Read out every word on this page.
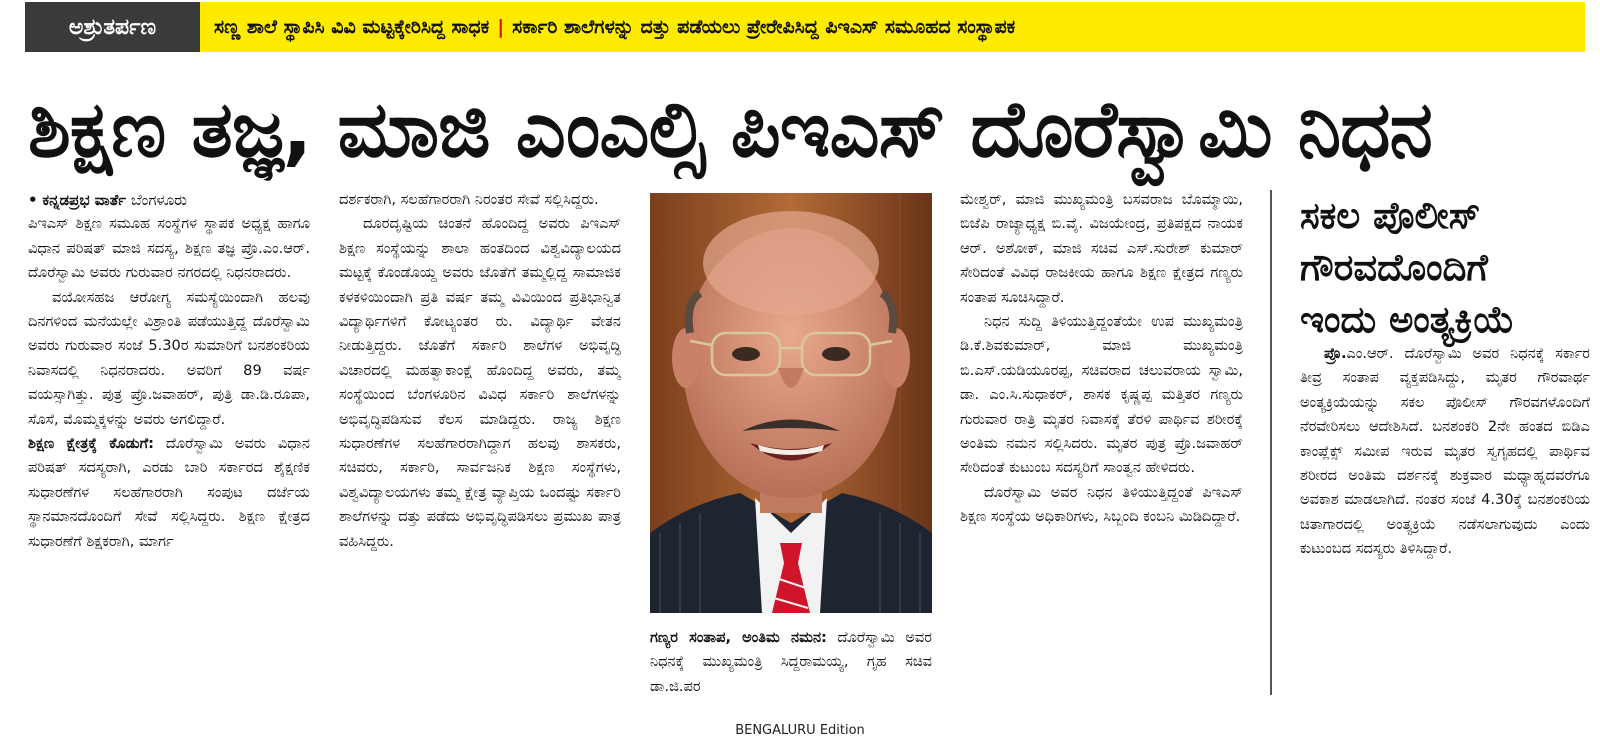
ಅಶ್ರುತರ್ಪಣ	ಸಣ್ಣ ಶಾಲೆ ಸ್ಥಾಪಿಸಿ ವಿವಿ ಮಟ್ಟಕ್ಕೇರಿಸಿದ್ದ ಸಾಧಕ | ಸರ್ಕಾರಿ ಶಾಲೆಗಳನ್ನು ದತ್ತು ಪಡೆಯಲು ಪ್ರೇರೇಪಿಸಿದ್ದ ಪಿಇಎಸ್ ಸಮೂಹದ ಸಂಸ್ಥಾಪಕ
ಶಿಕ್ಷಣ ತಜ್ಞ, ಮಾಜಿ ಎಂಎಲ್ಸಿ ಪಿಇಎಸ್ ದೊರೆಸ್ವಾಮಿ ನಿಧನ

• ಕನ್ನಡಪ್ರಭ ವಾರ್ತೆ ಬೆಂಗಳೂರು

ಪಿಇಎಸ್ ಶಿಕ್ಷಣ ಸಮೂಹ ಸಂಸ್ಥೆಗಳ ಸ್ಥಾಪಕ ಅಧ್ಯಕ್ಷ ಹಾಗೂ ವಿಧಾನ ಪರಿಷತ್ ಮಾಜಿ ಸದಸ್ಯ, ಶಿಕ್ಷಣ ತಜ್ಞ ಪ್ರೊ.ಎಂ.ಆರ್. ದೊರೆಸ್ವಾಮಿ ಅವರು ಗುರುವಾರ ನಗರದಲ್ಲಿ ನಿಧನರಾದರು.

ವಯೋಸಹಜ ಆರೋಗ್ಯ ಸಮಸ್ಯೆಯಿಂದಾಗಿ ಹಲವು ದಿನಗಳಿಂದ ಮನೆಯಲ್ಲೇ ವಿಶ್ರಾಂತಿ ಪಡೆಯುತ್ತಿದ್ದ ದೊರೆಸ್ವಾಮಿ ಅವರು ಗುರುವಾರ ಸಂಜೆ 5.30ರ ಸುಮಾರಿಗೆ ಬನಶಂಕರಿಯ ನಿವಾಸದಲ್ಲಿ ನಿಧನರಾದರು. ಅವರಿಗೆ 89 ವರ್ಷ ವಯಸ್ಸಾಗಿತ್ತು. ಪುತ್ರ ಪ್ರೊ.ಜವಾಹರ್, ಪುತ್ರಿ ಡಾ.ಡಿ.ರೂಪಾ, ಸೊಸೆ, ಮೊಮ್ಮಕ್ಕಳನ್ನು ಅವರು ಅಗಲಿದ್ದಾರೆ.

ಶಿಕ್ಷಣ ಕ್ಷೇತ್ರಕ್ಕೆ ಕೊಡುಗೆ: ದೊರೆಸ್ವಾಮಿ ಅವರು ವಿಧಾನ ಪರಿಷತ್ ಸದಸ್ಯರಾಗಿ, ಎರಡು ಬಾರಿ ಸರ್ಕಾರದ ಶೈಕ್ಷಣಿಕ ಸುಧಾರಣೆಗಳ ಸಲಹೆಗಾರರಾಗಿ ಸಂಪುಟ ದರ್ಜೆಯ ಸ್ಥಾನಮಾನದೊಂದಿಗೆ ಸೇವೆ ಸಲ್ಲಿಸಿದ್ದರು. ಶಿಕ್ಷಣ ಕ್ಷೇತ್ರದ ಸುಧಾರಣೆಗೆ ಶಿಕ್ಷಕರಾಗಿ, ಮಾರ್ಗ

ದರ್ಶಕರಾಗಿ, ಸಲಹೆಗಾರರಾಗಿ ನಿರಂತರ ಸೇವೆ ಸಲ್ಲಿಸಿದ್ದರು.

ದೂರದೃಷ್ಟಿಯ ಚಿಂತನೆ ಹೊಂದಿದ್ದ ಅವರು ಪಿಇಎಸ್ ಶಿಕ್ಷಣ ಸಂಸ್ಥೆಯನ್ನು ಶಾಲಾ ಹಂತದಿಂದ ವಿಶ್ವವಿದ್ಯಾಲಯದ ಮಟ್ಟಕ್ಕೆ ಕೊಂಡೊಯ್ದ ಅವರು ಜೊತೆಗೆ ತಮ್ಮಲ್ಲಿದ್ದ ಸಾಮಾಜಿಕ ಕಳಕಳಿಯಿಂದಾಗಿ ಪ್ರತಿ ವರ್ಷ ತಮ್ಮ ವಿವಿಯಿಂದ ಪ್ರತಿಭಾನ್ವಿತ ವಿದ್ಯಾರ್ಥಿಗಳಿಗೆ ಕೋಟ್ಯಂತರ ರು. ವಿದ್ಯಾರ್ಥಿ ವೇತನ ನೀಡುತ್ತಿದ್ದರು. ಜೊತೆಗೆ ಸರ್ಕಾರಿ ಶಾಲೆಗಳ ಅಭಿವೃದ್ಧಿ ವಿಚಾರದಲ್ಲಿ ಮಹತ್ವಾಕಾಂಕ್ಷೆ ಹೊಂದಿದ್ದ ಅವರು, ತಮ್ಮ ಸಂಸ್ಥೆಯಿಂದ ಬೆಂಗಳೂರಿನ ವಿವಿಧ ಸರ್ಕಾರಿ ಶಾಲೆಗಳನ್ನು ಅಭಿವೃದ್ಧಿಪಡಿಸುವ ಕೆಲಸ ಮಾಡಿದ್ದರು. ರಾಜ್ಯ ಶಿಕ್ಷಣ ಸುಧಾರಣೆಗಳ ಸಲಹೆಗಾರರಾಗಿದ್ದಾಗ ಹಲವು ಶಾಸಕರು, ಸಚಿವರು, ಸರ್ಕಾರಿ, ಸಾರ್ವಜನಿಕ ಶಿಕ್ಷಣ ಸಂಸ್ಥೆಗಳು, ವಿಶ್ವವಿದ್ಯಾಲಯಗಳು ತಮ್ಮ ಕ್ಷೇತ್ರ ವ್ಯಾಪ್ತಿಯ ಒಂದಷ್ಟು ಸರ್ಕಾರಿ ಶಾಲೆಗಳನ್ನು ದತ್ತು ಪಡೆದು ಅಭಿವೃದ್ಧಿಪಡಿಸಲು ಪ್ರಮುಖ ಪಾತ್ರ ವಹಿಸಿದ್ದರು.

ಗಣ್ಯರ ಸಂತಾಪ, ಅಂತಿಮ ನಮನ: ದೊರೆಸ್ವಾಮಿ ಅವರ ನಿಧನಕ್ಕೆ ಮುಖ್ಯಮಂತ್ರಿ ಸಿದ್ದರಾಮಯ್ಯ, ಗೃಹ ಸಚಿವ ಡಾ.ಜಿ.ಪರ

ಮೇಶ್ವರ್, ಮಾಜಿ ಮುಖ್ಯಮಂತ್ರಿ ಬಸವರಾಜ ಬೊಮ್ಮಾಯಿ, ಬಿಜೆಪಿ ರಾಜ್ಯಾಧ್ಯಕ್ಷ ಬಿ.ವೈ. ವಿಜಯೇಂದ್ರ, ಪ್ರತಿಪಕ್ಷದ ನಾಯಕ ಆರ್. ಅಶೋಕ್, ಮಾಜಿ ಸಚಿವ ಎಸ್.ಸುರೇಶ್ ಕುಮಾರ್ ಸೇರಿದಂತೆ ವಿವಿಧ ರಾಜಕೀಯ ಹಾಗೂ ಶಿಕ್ಷಣ ಕ್ಷೇತ್ರದ ಗಣ್ಯರು ಸಂತಾಪ ಸೂಚಿಸಿದ್ದಾರೆ.

ನಿಧನ ಸುದ್ದಿ ತಿಳಿಯುತ್ತಿದ್ದಂತೆಯೇ ಉಪ ಮುಖ್ಯಮಂತ್ರಿ ಡಿ.ಕೆ.ಶಿವಕುಮಾರ್, ಮಾಜಿ ಮುಖ್ಯಮಂತ್ರಿ ಬಿ.ಎಸ್.ಯಡಿಯೂರಪ್ಪ, ಸಚಿವರಾದ ಚಲುವರಾಯ ಸ್ವಾಮಿ, ಡಾ. ಎಂ.ಸಿ.ಸುಧಾಕರ್, ಶಾಸಕ ಕೃಷ್ಣಪ್ಪ ಮತ್ತಿತರ ಗಣ್ಯರು ಗುರುವಾರ ರಾತ್ರಿ ಮೃತರ ನಿವಾಸಕ್ಕೆ ತೆರಳಿ ಪಾರ್ಥಿವ ಶರೀರಕ್ಕೆ ಅಂತಿಮ ನಮನ ಸಲ್ಲಿಸಿದರು. ಮೃತರ ಪುತ್ರ ಪ್ರೊ.ಜವಾಹರ್ ಸೇರಿದಂತೆ ಕುಟುಂಬ ಸದಸ್ಯರಿಗೆ ಸಾಂತ್ವನ ಹೇಳಿದರು.

ದೊರೆಸ್ವಾಮಿ ಅವರ ನಿಧನ ತಿಳಿಯುತ್ತಿದ್ದಂತೆ ಪಿಇಎಸ್ ಶಿಕ್ಷಣ ಸಂಸ್ಥೆಯ ಅಧಿಕಾರಿಗಳು, ಸಿಬ್ಬಂದಿ ಕಂಬನಿ ಮಿಡಿದಿದ್ದಾರೆ.

ಸಕಲ ಪೊಲೀಸ್
ಗೌರವದೊಂದಿಗೆ
ಇಂದು ಅಂತ್ಯಕ್ರಿಯೆ

ಪ್ರೊ.ಎಂ.ಆರ್. ದೊರೆಸ್ವಾಮಿ ಅವರ ನಿಧನಕ್ಕೆ ಸರ್ಕಾರ ತೀವ್ರ ಸಂತಾಪ ವ್ಯಕ್ತಪಡಿಸಿದ್ದು, ಮೃತರ ಗೌರವಾರ್ಥ ಅಂತ್ಯಕ್ರಿಯೆಯನ್ನು ಸಕಲ ಪೊಲೀಸ್ ಗೌರವಗಳೊಂದಿಗೆ ನೆರವೇರಿಸಲು ಆದೇಶಿಸಿದೆ. ಬನಶಂಕರಿ 2ನೇ ಹಂತದ ಬಿಡಿಎ ಕಾಂಪ್ಲೆಕ್ಸ್ ಸಮೀಪ ಇರುವ ಮೃತರ ಸ್ವಗೃಹದಲ್ಲಿ ಪಾರ್ಥಿವ ಶರೀರದ ಅಂತಿಮ ದರ್ಶನಕ್ಕೆ ಶುಕ್ರವಾರ ಮಧ್ಯಾಹ್ನದವರೆಗೂ ಅವಕಾಶ ಮಾಡಲಾಗಿದೆ. ನಂತರ ಸಂಜೆ 4.30ಕ್ಕೆ ಬನಶಂಕರಿಯ ಚಿತಾಗಾರದಲ್ಲಿ ಅಂತ್ಯಕ್ರಿಯೆ ನಡೆಸಲಾಗುವುದು ಎಂದು ಕುಟುಂಬದ ಸದಸ್ಯರು ತಿಳಿಸಿದ್ದಾರೆ.

BENGALURU Edition
